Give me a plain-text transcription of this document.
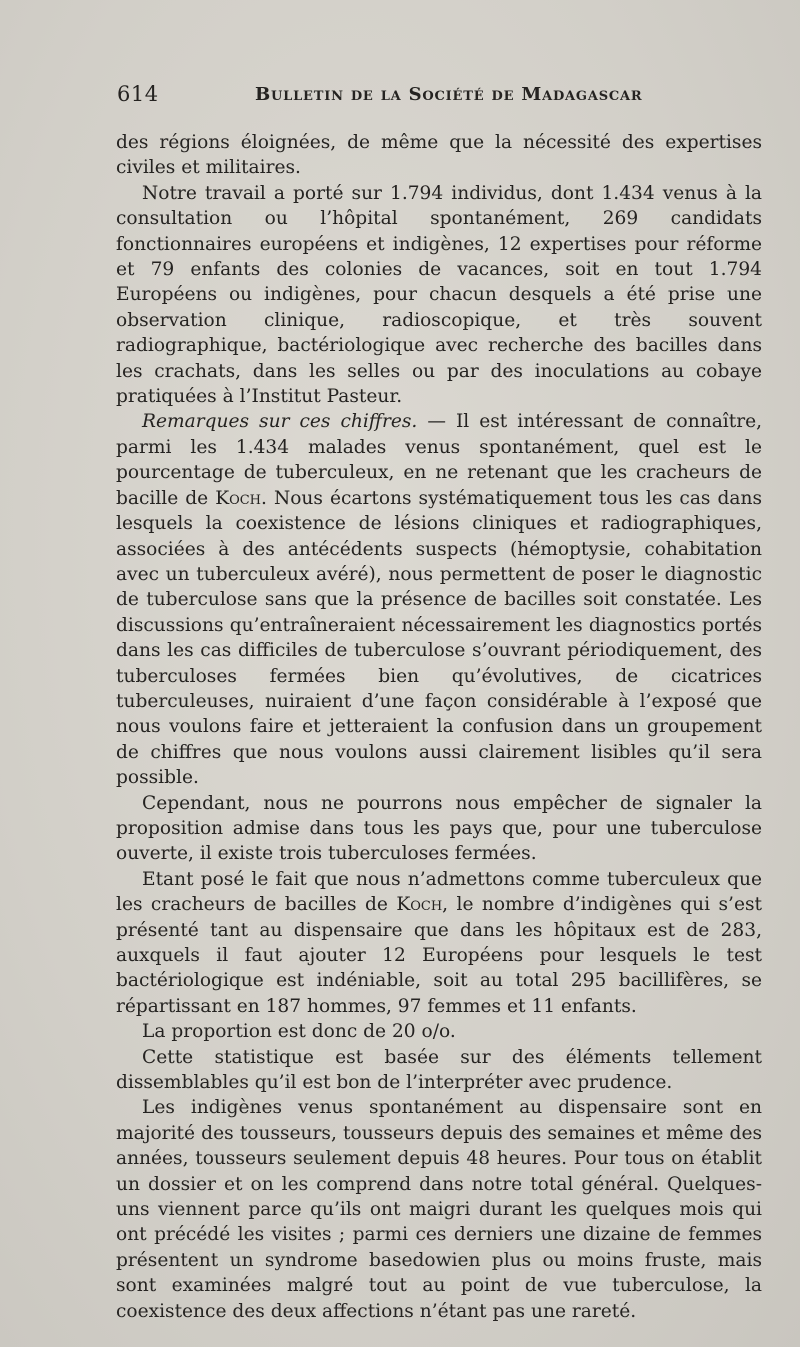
614	Bulletin de la Société de Madagascar

des régions éloignées, de même que la nécessité des expertises civiles et militaires.

Notre travail a porté sur 1.794 individus, dont 1.434 venus à la consultation ou l’hôpital spontanément, 269 candidats fonctionnaires européens et indigènes, 12 expertises pour réforme et 79 enfants des colonies de vacances, soit en tout 1.794 Européens ou indigènes, pour chacun desquels a été prise une observation clinique, radioscopique, et très souvent radiographique, bactériologique avec recherche des bacilles dans les crachats, dans les selles ou par des inoculations au cobaye pratiquées à l’Institut Pasteur.

Remarques sur ces chiffres. — Il est intéressant de connaître, parmi les 1.434 malades venus spontanément, quel est le pourcentage de tuberculeux, en ne retenant que les cracheurs de bacille de Koch. Nous écartons systématiquement tous les cas dans lesquels la coexistence de lésions cliniques et radiographiques, associées à des antécédents suspects (hémoptysie, cohabitation avec un tuberculeux avéré), nous permettent de poser le diagnostic de tuberculose sans que la présence de bacilles soit constatée. Les discussions qu’entraîneraient nécessairement les diagnostics portés dans les cas difficiles de tuberculose s’ouvrant périodiquement, des tuberculoses fermées bien qu’évolutives, de cicatrices tuberculeuses, nuiraient d’une façon considérable à l’exposé que nous voulons faire et jetteraient la confusion dans un groupement de chiffres que nous voulons aussi clairement lisibles qu’il sera possible.

Cependant, nous ne pourrons nous empêcher de signaler la proposition admise dans tous les pays que, pour une tuberculose ouverte, il existe trois tuberculoses fermées.

Etant posé le fait que nous n’admettons comme tuberculeux que les cracheurs de bacilles de Koch, le nombre d’indigènes qui s’est présenté tant au dispensaire que dans les hôpitaux est de 283, auxquels il faut ajouter 12 Européens pour lesquels le test bactériologique est indéniable, soit au total 295 bacillifères, se répartissant en 187 hommes, 97 femmes et 11 enfants.

La proportion est donc de 20 o/o.

Cette statistique est basée sur des éléments tellement dissemblables qu’il est bon de l’interpréter avec prudence.

Les indigènes venus spontanément au dispensaire sont en majorité des tousseurs, tousseurs depuis des semaines et même des années, tousseurs seulement depuis 48 heures. Pour tous on établit un dossier et on les comprend dans notre total général. Quelques-uns viennent parce qu’ils ont maigri durant les quelques mois qui ont précédé les visites ; parmi ces derniers une dizaine de femmes présentent un syndrome basedowien plus ou moins fruste, mais sont examinées malgré tout au point de vue tuberculose, la coexistence des deux affections n’étant pas une rareté.
